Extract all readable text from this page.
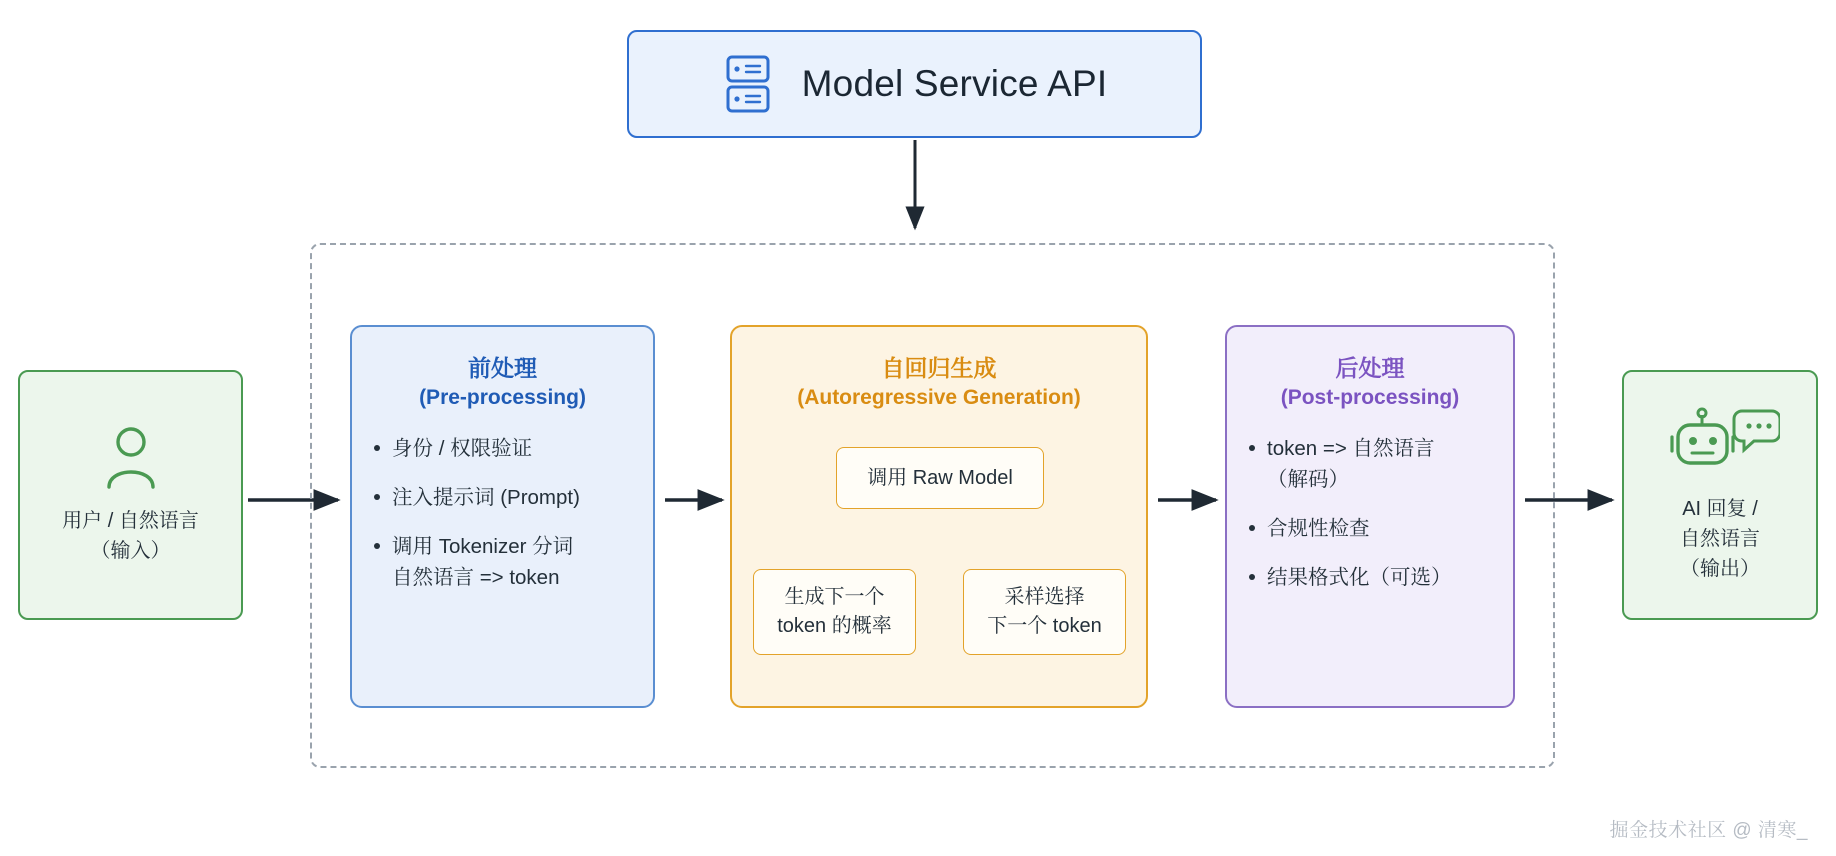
Model Service API
用户 / 自然语言
（输入）
AI 回复 /
自然语言
（输出）
前处理
(Pre-processing)
身份 / 权限验证
注入提示词 (Prompt)
调用 Tokenizer 分词
自然语言 => token
自回归生成
(Autoregressive Generation)
调用 Raw Model
生成下一个
token 的概率
采样选择
下一个 token
后处理
(Post-processing)
token => 自然语言
（解码）
合规性检查
结果格式化（可选）
掘金技术社区 @ 清寒_
